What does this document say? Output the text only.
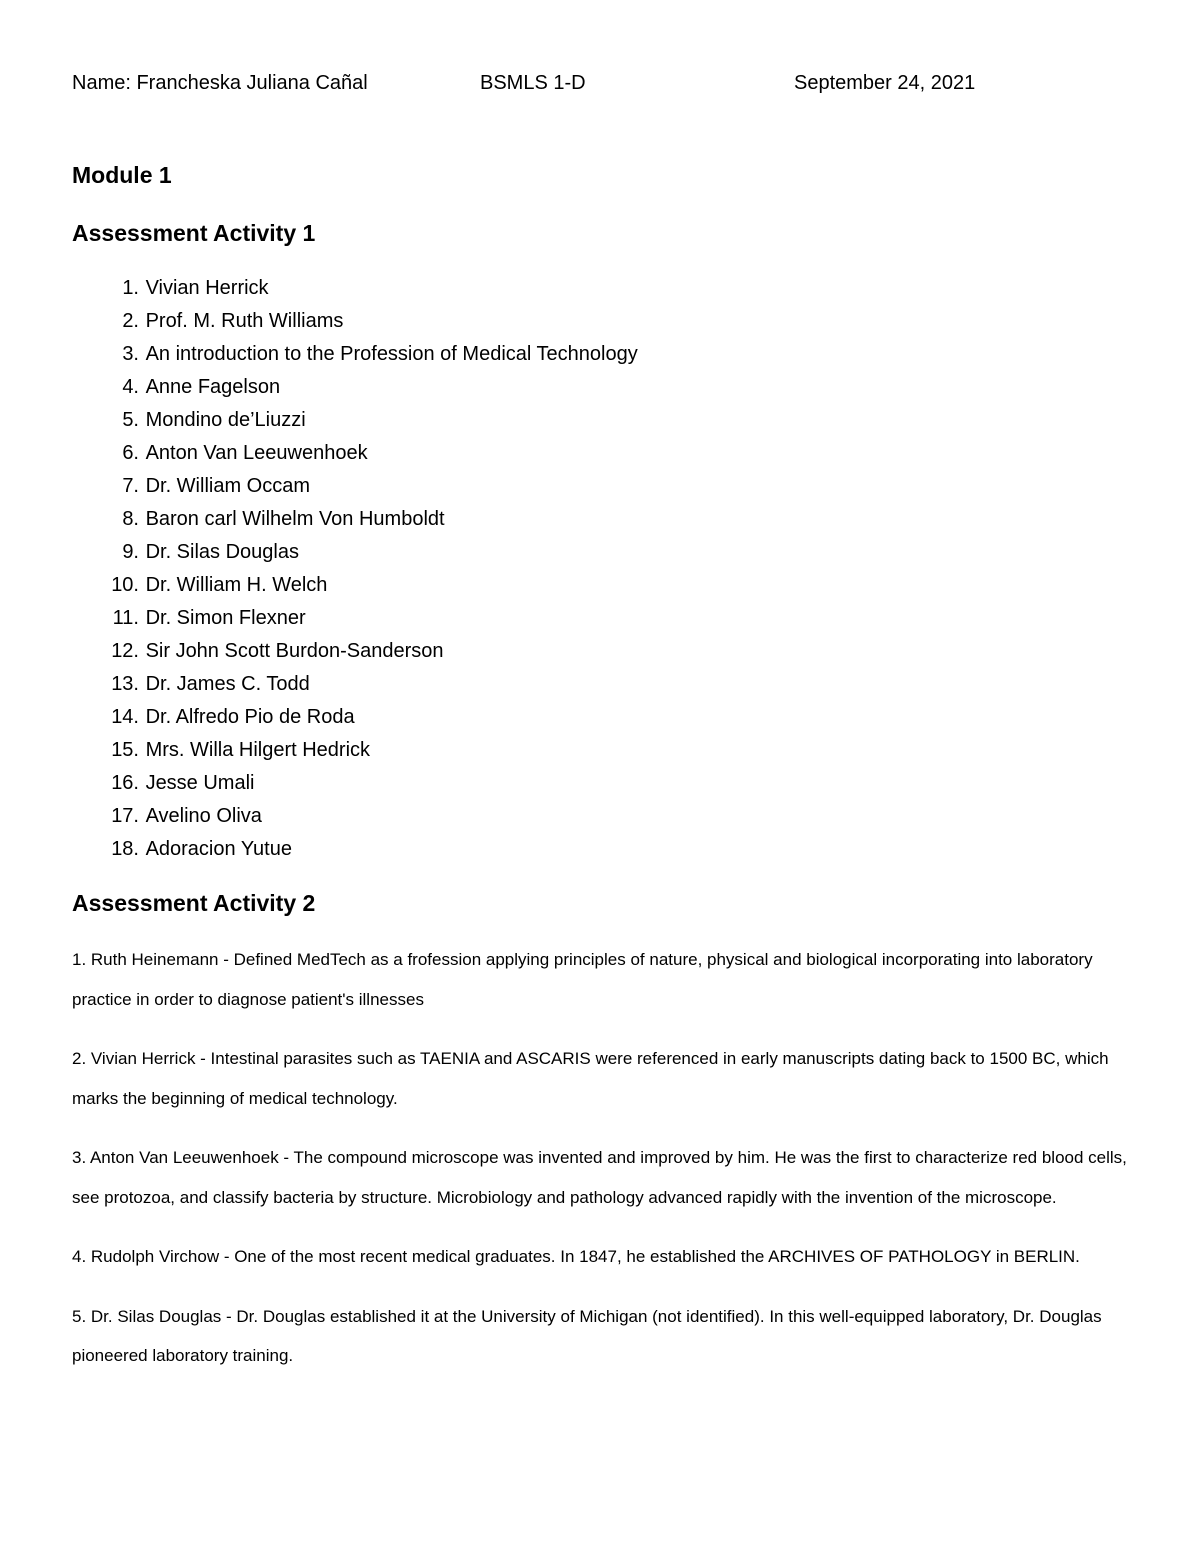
Name: Francheska Juliana Cañal	BSMLS 1-D	September 24, 2021
Module 1
Assessment Activity 1
1. Vivian Herrick
2. Prof. M. Ruth Williams
3. An introduction to the Profession of Medical Technology
4. Anne Fagelson
5. Mondino de’Liuzzi
6. Anton Van Leeuwenhoek
7. Dr. William Occam
8. Baron carl Wilhelm Von Humboldt
9. Dr. Silas Douglas
10. Dr. William H. Welch
11. Dr. Simon Flexner
12. Sir John Scott Burdon-Sanderson
13. Dr. James C. Todd
14. Dr. Alfredo Pio de Roda
15. Mrs. Willa Hilgert Hedrick
16. Jesse Umali
17. Avelino Oliva
18. Adoracion Yutue
Assessment Activity 2

1. Ruth Heinemann - Defined MedTech as a frofession applying principles of nature, physical and biological incorporating into laboratory practice in order to diagnose patient's illnesses

2. Vivian Herrick - Intestinal parasites such as TAENIA and ASCARIS were referenced in early manuscripts dating back to 1500 BC, which marks the beginning of medical technology.

3. Anton Van Leeuwenhoek - The compound microscope was invented and improved by him. He was the first to characterize red blood cells, see protozoa, and classify bacteria by structure. Microbiology and pathology advanced rapidly with the invention of the microscope.

4. Rudolph Virchow - One of the most recent medical graduates. In 1847, he established the ARCHIVES OF PATHOLOGY in BERLIN.

5. Dr. Silas Douglas - Dr. Douglas established it at the University of Michigan (not identified). In this well-equipped laboratory, Dr. Douglas pioneered laboratory training.
